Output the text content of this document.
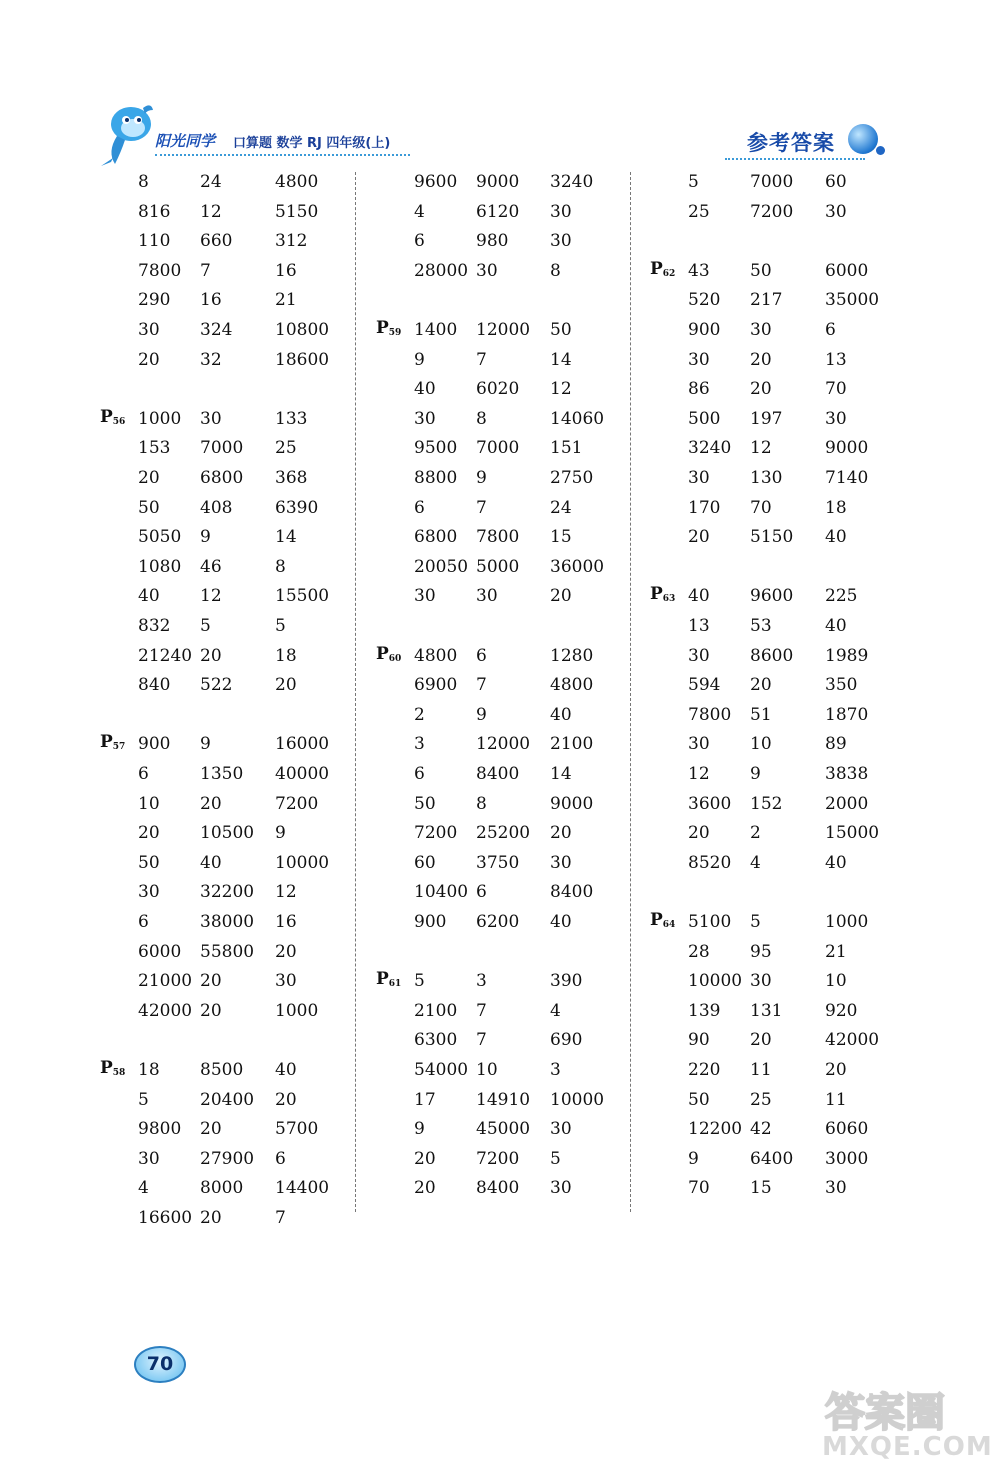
阳光同学 口算题 数学 RJ 四年级(上)	参考答案
8	24	4800
816 12	5150
110 660	312
7800 7	16
290 16	21
30 324	10800
20 32	18600
$P_{56}$ 1000 30	133
153 7000 25
20 6800 368
50 408	6390
5050 9	14
1080 46	8
40 12	15500
832 5	5
21240 20	18
840 522	20
$P_{57}$ 900 9	16000
6	1350 40000
10 20	7200
20 10500 9
50 40	10000
30 32200 12
6	38000 16
6000 55800 20
21000 20	30
42000 20	1000
$P_{58}$ 18 8500 40
5	20400 20
9800 20	5700
30 27900 6
4	8000 14400
16600 20	7
9600 9000 3240
4	6120 30
6	980 30
28000 30	8
$P_{59}$ 1400 12000 50
9	7	14
40 6020 12
30 8	14060
9500 7000 151
8800 9	2750
6	7	24
6800 7800 15
20050 5000 36000
30 30	20
$P_{60}$ 4800 6	1280
6900 7	4800
2	9	40
3	12000 2100
6	8400 14
50 8	9000
7200 25200 20
60 3750 30
10400 6	8400
900 6200 40
$P_{61}$ 5	3	390
2100 7	4
6300 7	690
54000 10	3
17 14910 10000
9	45000 30
20 7200 5
20 8400 30
5	7000 60
25 7200 30
$P_{62}$ 43 50	6000
520 217	35000
900 30	6
30 20	13
86 20	70
500 197	30
3240 12	9000
30 130	7140
170 70	18
20 5150 40
$P_{63}$ 40 9600 225
13 53	40
30 8600 1989
594 20	350
7800 51	1870
30 10	89
12 9	3838
3600 152	2000
20 2	15000
8520 4	40
$P_{64}$ 5100 5	1000
28 95	21
10000 30	10
139 131	920
90 20	42000
220 11	20
50 25	11
12200 42	6060
9	6400 3000
70 15	30
70
答案圈
MXQE.COM
